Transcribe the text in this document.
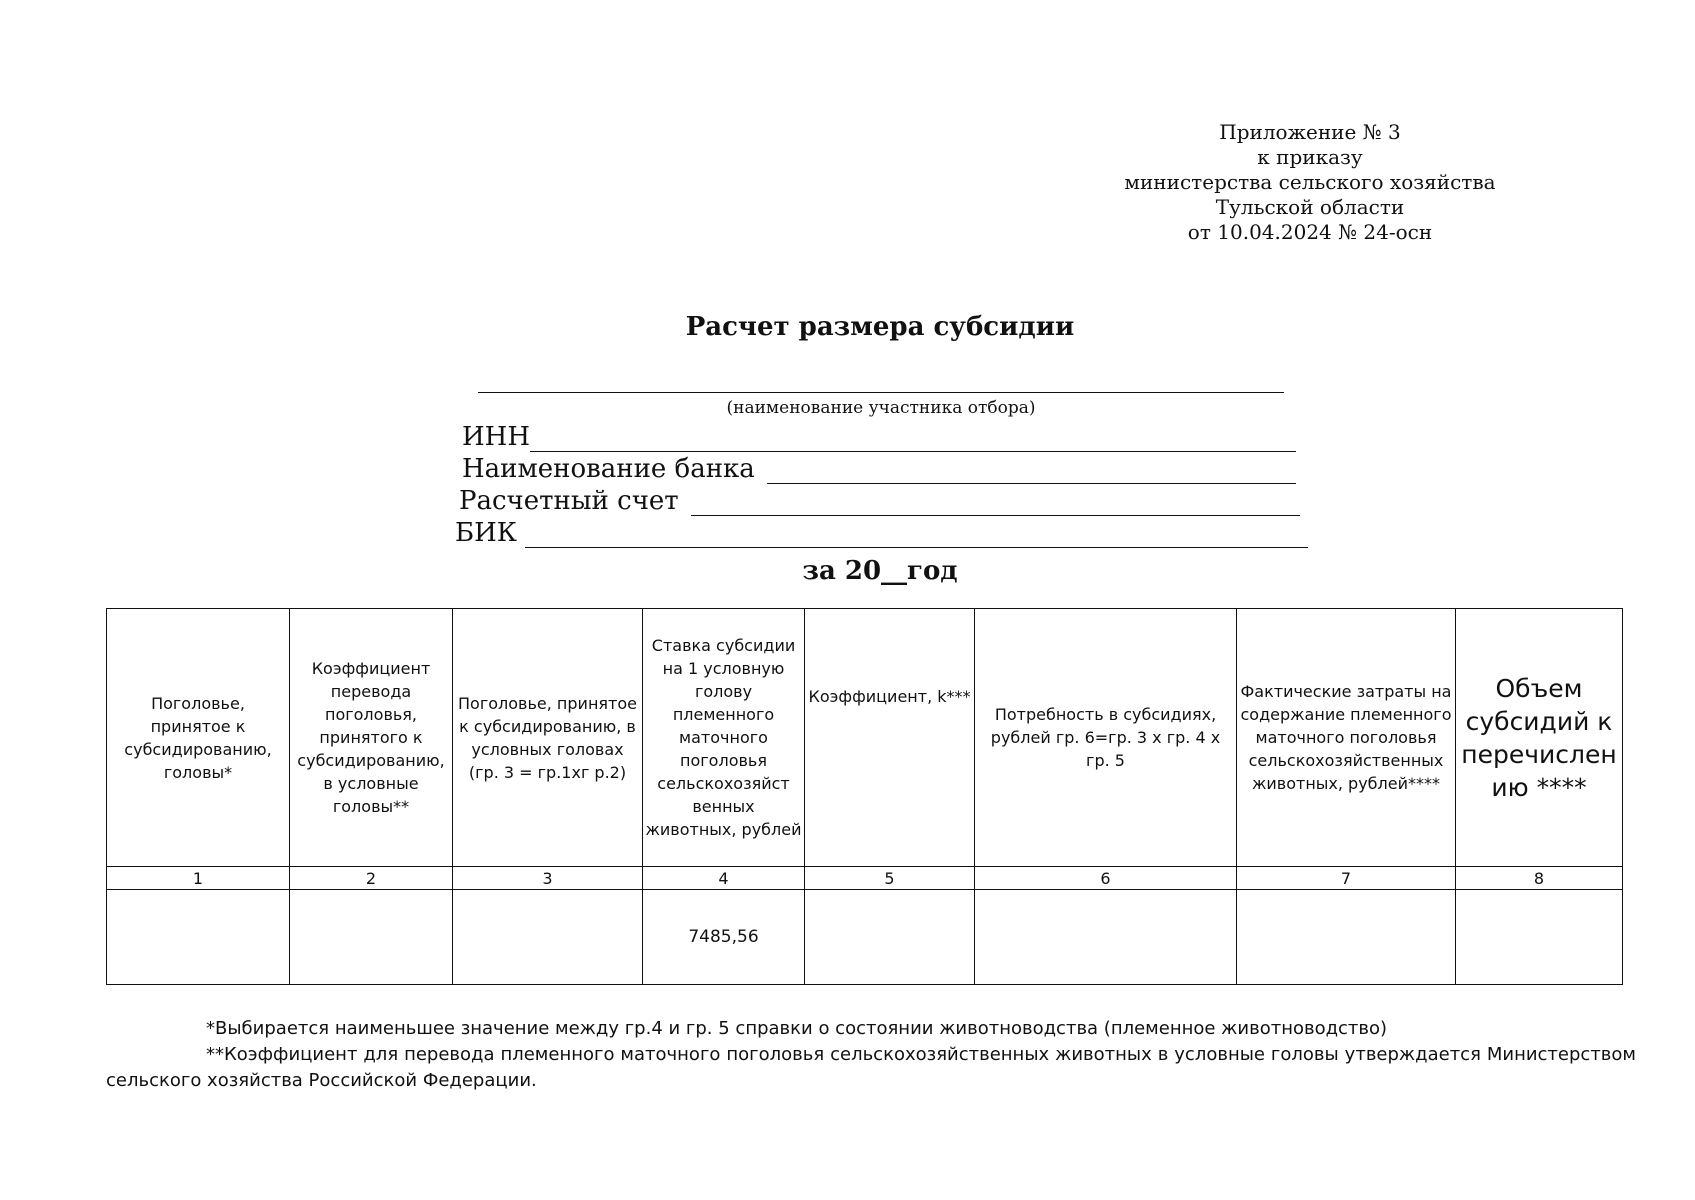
Приложение № 3
к приказу
министерства сельского хозяйства
Тульской области
от 10.04.2024 № 24-осн
Расчет размера субсидии
(наименование участника отбора)
ИНН
Наименование банка
Расчетный счет
БИК
за 20__год
Поголовье, принятое к субсидированию, головы*	Коэффициент перевода поголовья, принятого к субсидированию, в условные головы**	Поголовье, принятое к субсидированию, в условных головах (гр. 3 = гр.1хг р.2)	Ставка субсидии на 1 условную голову племенного маточного поголовья сельскохозяйст венных животных, рублей	Коэффициент, k***	Потребность в субсидиях, рублей гр. 6=гр. 3 х гр. 4 х гр. 5	Фактические затраты на содержание племенного маточного поголовья сельскохозяйственных животных, рублей****	Объем субсидий к перечислен ию ****
1	2	3	4	5	6	7	8
			7485,56				

*Выбирается наименьшее значение между гр.4 и гр. 5 справки о состоянии животноводства (племенное животноводство)

**Коэффициент для перевода племенного маточного поголовья сельскохозяйственных животных в условные головы утверждается Министерством сельского хозяйства Российской Федерации.
